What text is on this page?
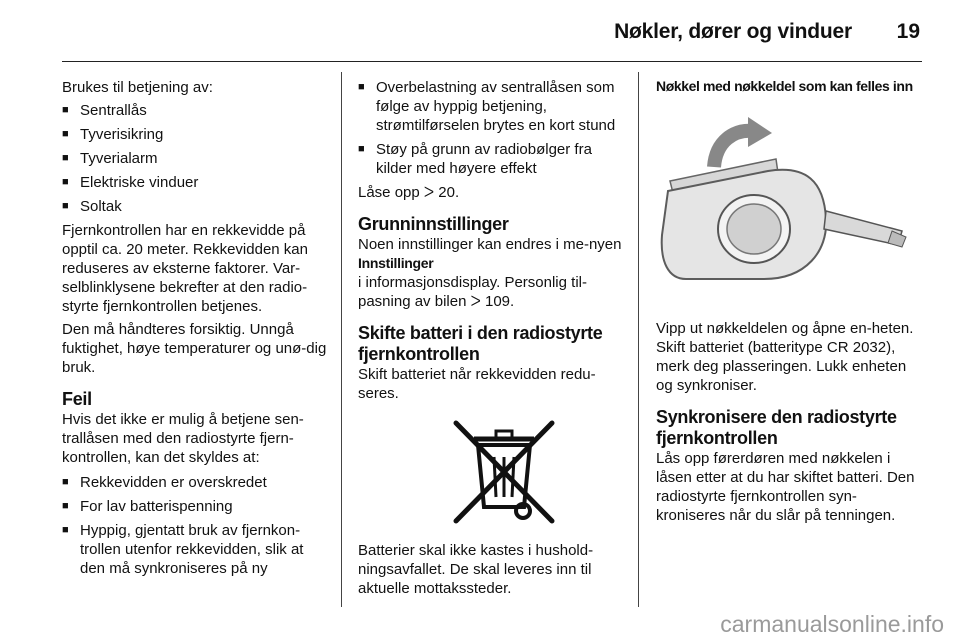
Nøkler, dører og vinduer 19

Brukes til betjening av:

■ Sentrallås
■ Tyverisikring
■ Tyverialarm
■ Elektriske vinduer
■ Soltak

Fjernkontrollen har en rekkevidde på opptil ca. 20 meter. Rekkevidden kan reduseres av eksterne faktorer. Var-selblinklysene bekrefter at den radio-styrte fjernkontrollen betjenes.

Den må håndteres forsiktig. Unngå fuktighet, høye temperaturer og unø-dig bruk.

Feil

Hvis det ikke er mulig å betjene sen-trallåsen med den radiostyrte fjern-kontrollen, kan det skyldes at:

■ Rekkevidden er overskredet
■ For lav batterispenning
■ Hyppig, gjentatt bruk av fjernkon-trollen utenfor rekkevidden, slik at den må synkroniseres på ny
■ Overbelastning av sentrallåsen som følge av hyppig betjening, strømtilførselen brytes en kort stund
■ Støy på grunn av radiobølger fra kilder med høyere effekt

Låse opp ᐳ 20.

Grunninnstillinger

Noen innstillinger kan endres i me-nyen Innstillinger
i informasjonsdisplay. Personlig til-pasning av bilen ᐳ 109.

Skifte batteri i den radiostyrte fjernkontrollen

Skift batteriet når rekkevidden redu-seres.

Batterier skal ikke kastes i hushold-ningsavfallet. De skal leveres inn til aktuelle mottakssteder.

Nøkkel med nøkkeldel som kan felles inn

Vipp ut nøkkeldelen og åpne en-heten. Skift batteriet (batteritype CR 2032), merk deg plasseringen. Lukk enheten og synkroniser.

Synkronisere den radiostyrte fjernkontrollen

Lås opp førerdøren med nøkkelen i låsen etter at du har skiftet batteri. Den radiostyrte fjernkontrollen syn-kroniseres når du slår på tenningen.

carmanualsonline.info
